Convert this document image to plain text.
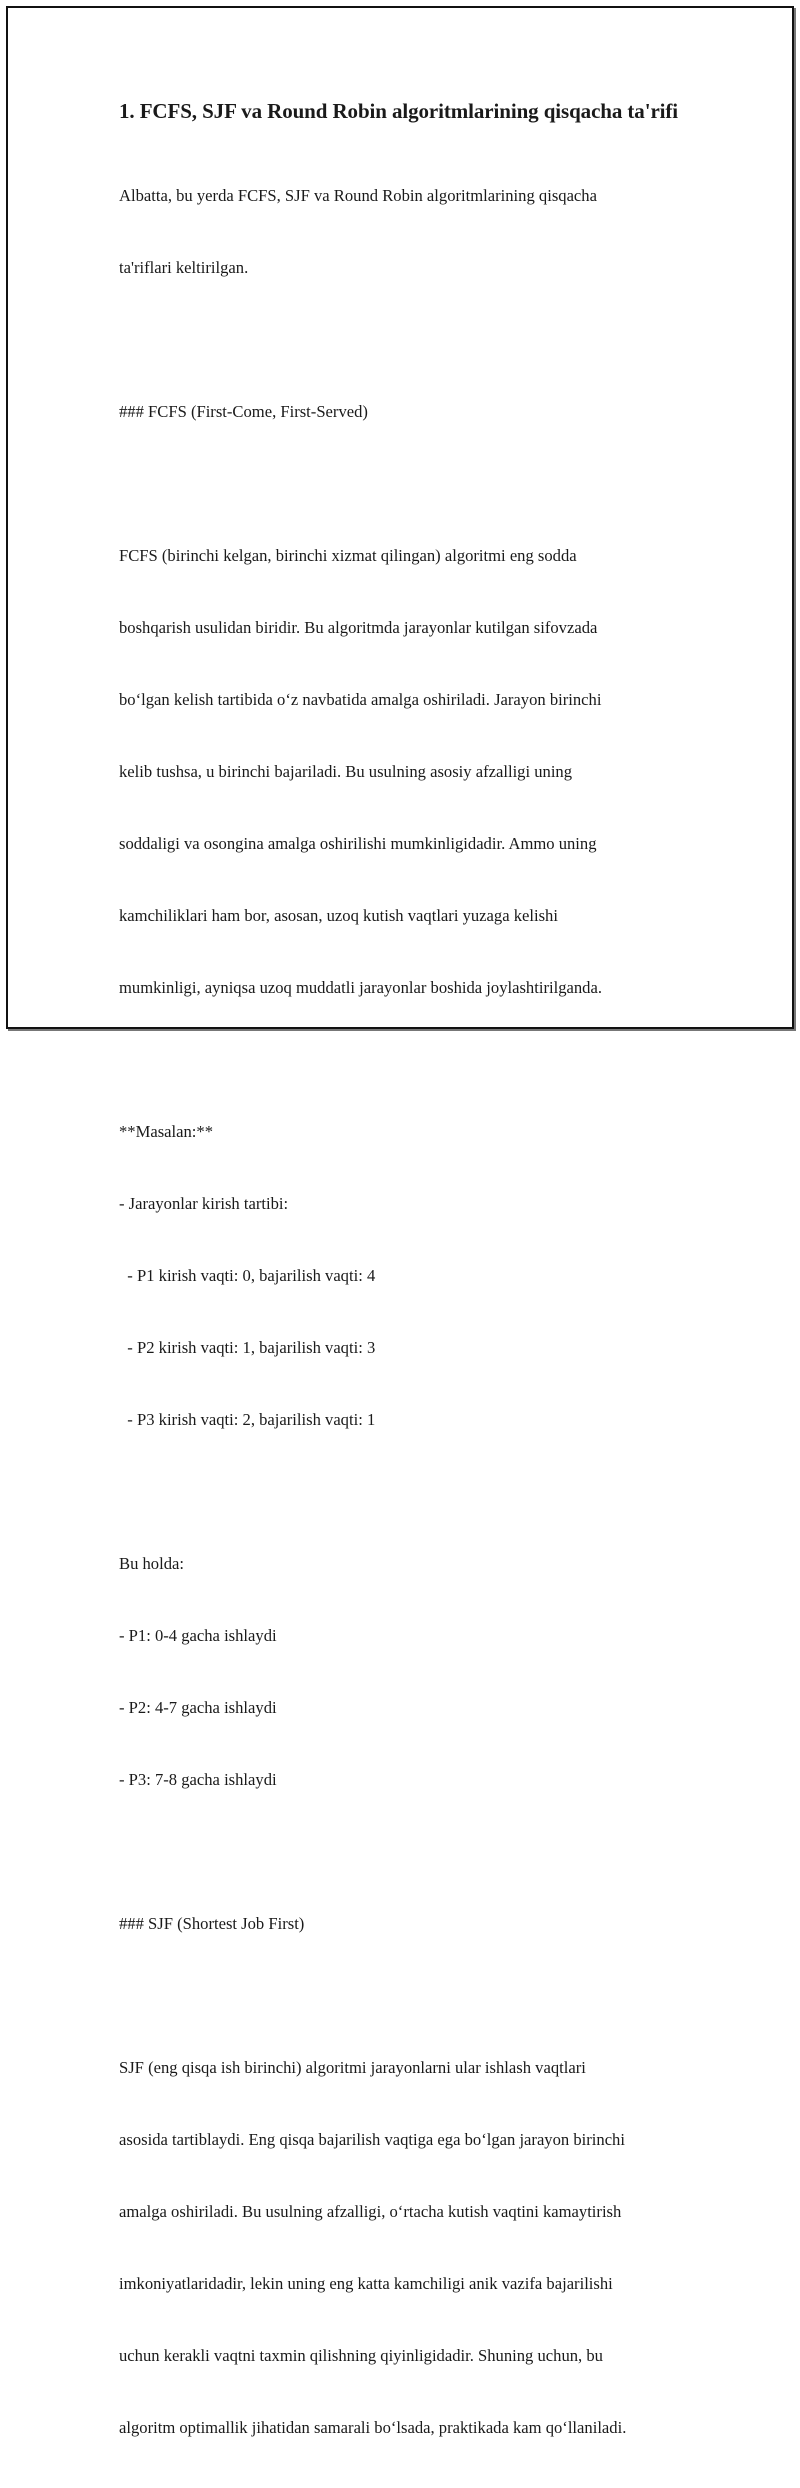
1. FCFS, SJF va Round Robin algoritmlarining qisqacha ta'rifi

Albatta, bu yerda FCFS, SJF va Round Robin algoritmlarining qisqacha

ta'riflari keltirilgan.

### FCFS (First-Come, First-Served)

FCFS (birinchi kelgan, birinchi xizmat qilingan) algoritmi eng sodda

boshqarish usulidan biridir. Bu algoritmda jarayonlar kutilgan sifovzada

bo‘lgan kelish tartibida o‘z navbatida amalga oshiriladi. Jarayon birinchi

kelib tushsa, u birinchi bajariladi. Bu usulning asosiy afzalligi uning

soddaligi va osongina amalga oshirilishi mumkinligidadir. Ammo uning

kamchiliklari ham bor, asosan, uzoq kutish vaqtlari yuzaga kelishi

mumkinligi, ayniqsa uzoq muddatli jarayonlar boshida joylashtirilganda.

**Masalan:**

- Jarayonlar kirish tartibi:

- P1 kirish vaqti: 0, bajarilish vaqti: 4

- P2 kirish vaqti: 1, bajarilish vaqti: 3

- P3 kirish vaqti: 2, bajarilish vaqti: 1

Bu holda:

- P1: 0-4 gacha ishlaydi

- P2: 4-7 gacha ishlaydi

- P3: 7-8 gacha ishlaydi

### SJF (Shortest Job First)

SJF (eng qisqa ish birinchi) algoritmi jarayonlarni ular ishlash vaqtlari

asosida tartiblaydi. Eng qisqa bajarilish vaqtiga ega bo‘lgan jarayon birinchi

amalga oshiriladi. Bu usulning afzalligi, o‘rtacha kutish vaqtini kamaytirish

imkoniyatlaridadir, lekin uning eng katta kamchiligi anik vazifa bajarilishi

uchun kerakli vaqtni taxmin qilishning qiyinligidadir. Shuning uchun, bu

algoritm optimallik jihatidan samarali bo‘lsada, praktikada kam qo‘llaniladi.
